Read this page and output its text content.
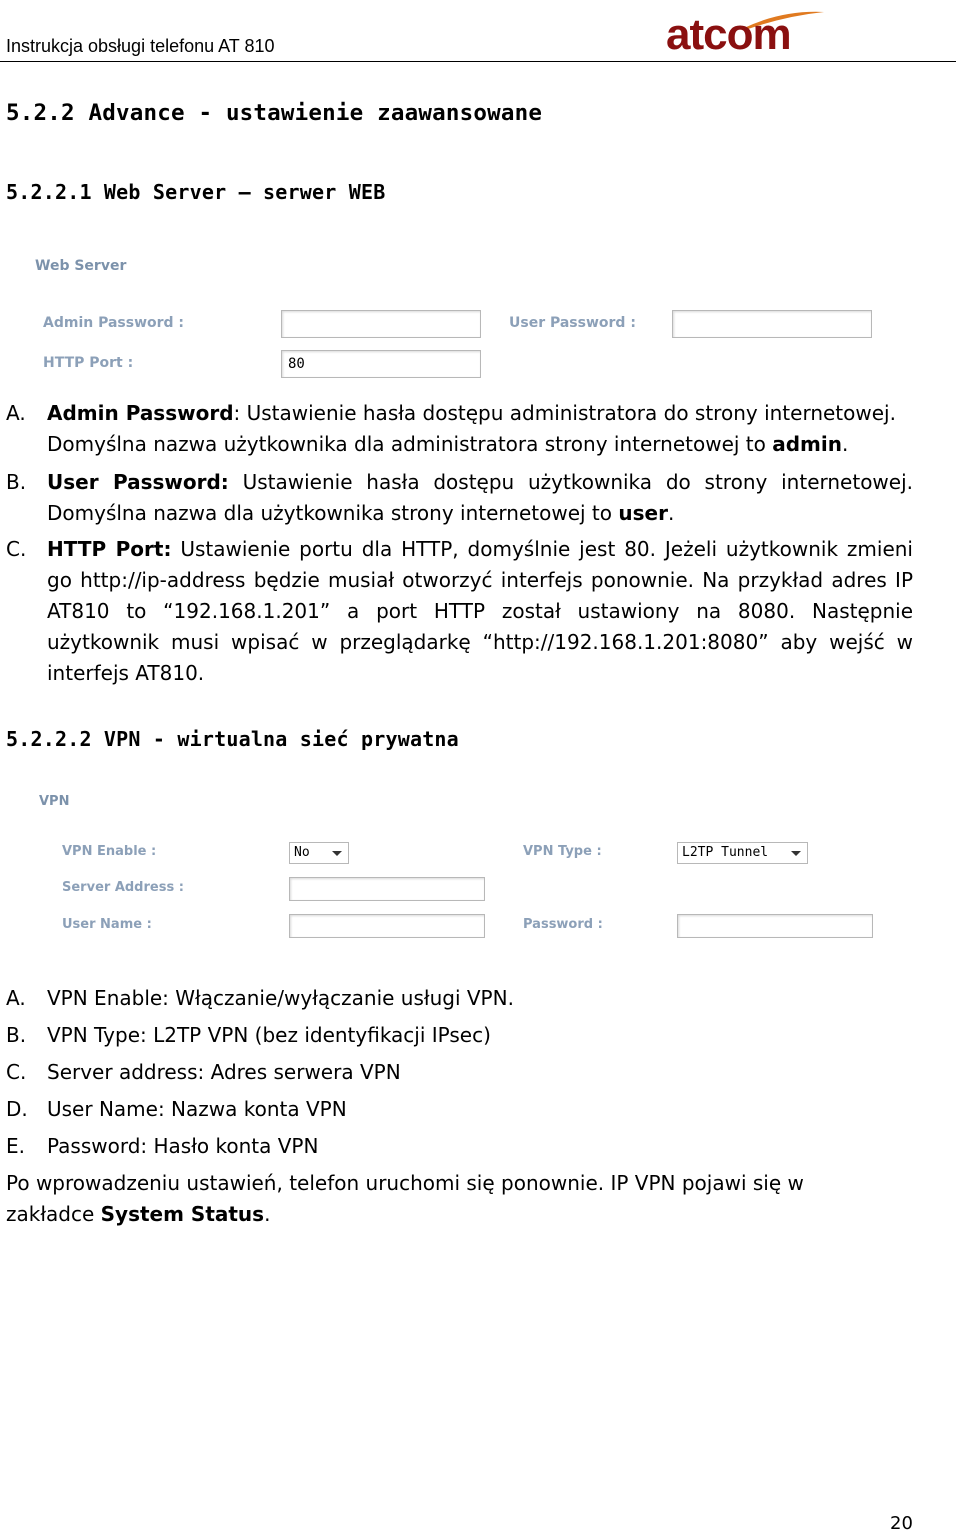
Instrukcja obsługi telefonu AT 810	atcom
5.2.2 Advance - ustawienie zaawansowane
5.2.2.1 Web Server – serwer WEB
Web Server
Admin Password :	User Password :
HTTP Port :	80
A. Admin Password: Ustawienie hasła dostępu administratora do strony internetowej. Domyślna nazwa użytkownika dla administratora strony internetowej to admin.
B. User Password: Ustawienie hasła dostępu użytkownika do strony internetowej. Domyślna nazwa dla użytkownika strony internetowej to user.
C. HTTP Port: Ustawienie portu dla HTTP, domyślnie jest 80. Jeżeli użytkownik zmieni go http://ip-address będzie musiał otworzyć interfejs ponownie. Na przykład adres IP AT810 to “192.168.1.201” a port HTTP został ustawiony na 8080. Następnie użytkownik musi wpisać w przeglądarkę “http://192.168.1.201:8080” aby wejść w interfejs AT810.
5.2.2.2 VPN - wirtualna sieć prywatna
VPN
VPN Enable :	No	VPN Type :	L2TP Tunnel
Server Address :
User Name :	Password :
A. VPN Enable: Włączanie/wyłączanie usługi VPN.
B. VPN Type: L2TP VPN (bez identyfikacji IPsec)
C. Server address: Adres serwera VPN
D. User Name: Nazwa konta VPN
E. Password: Hasło konta VPN
Po wprowadzeniu ustawień, telefon uruchomi się ponownie. IP VPN pojawi się w zakładce System Status.
20
